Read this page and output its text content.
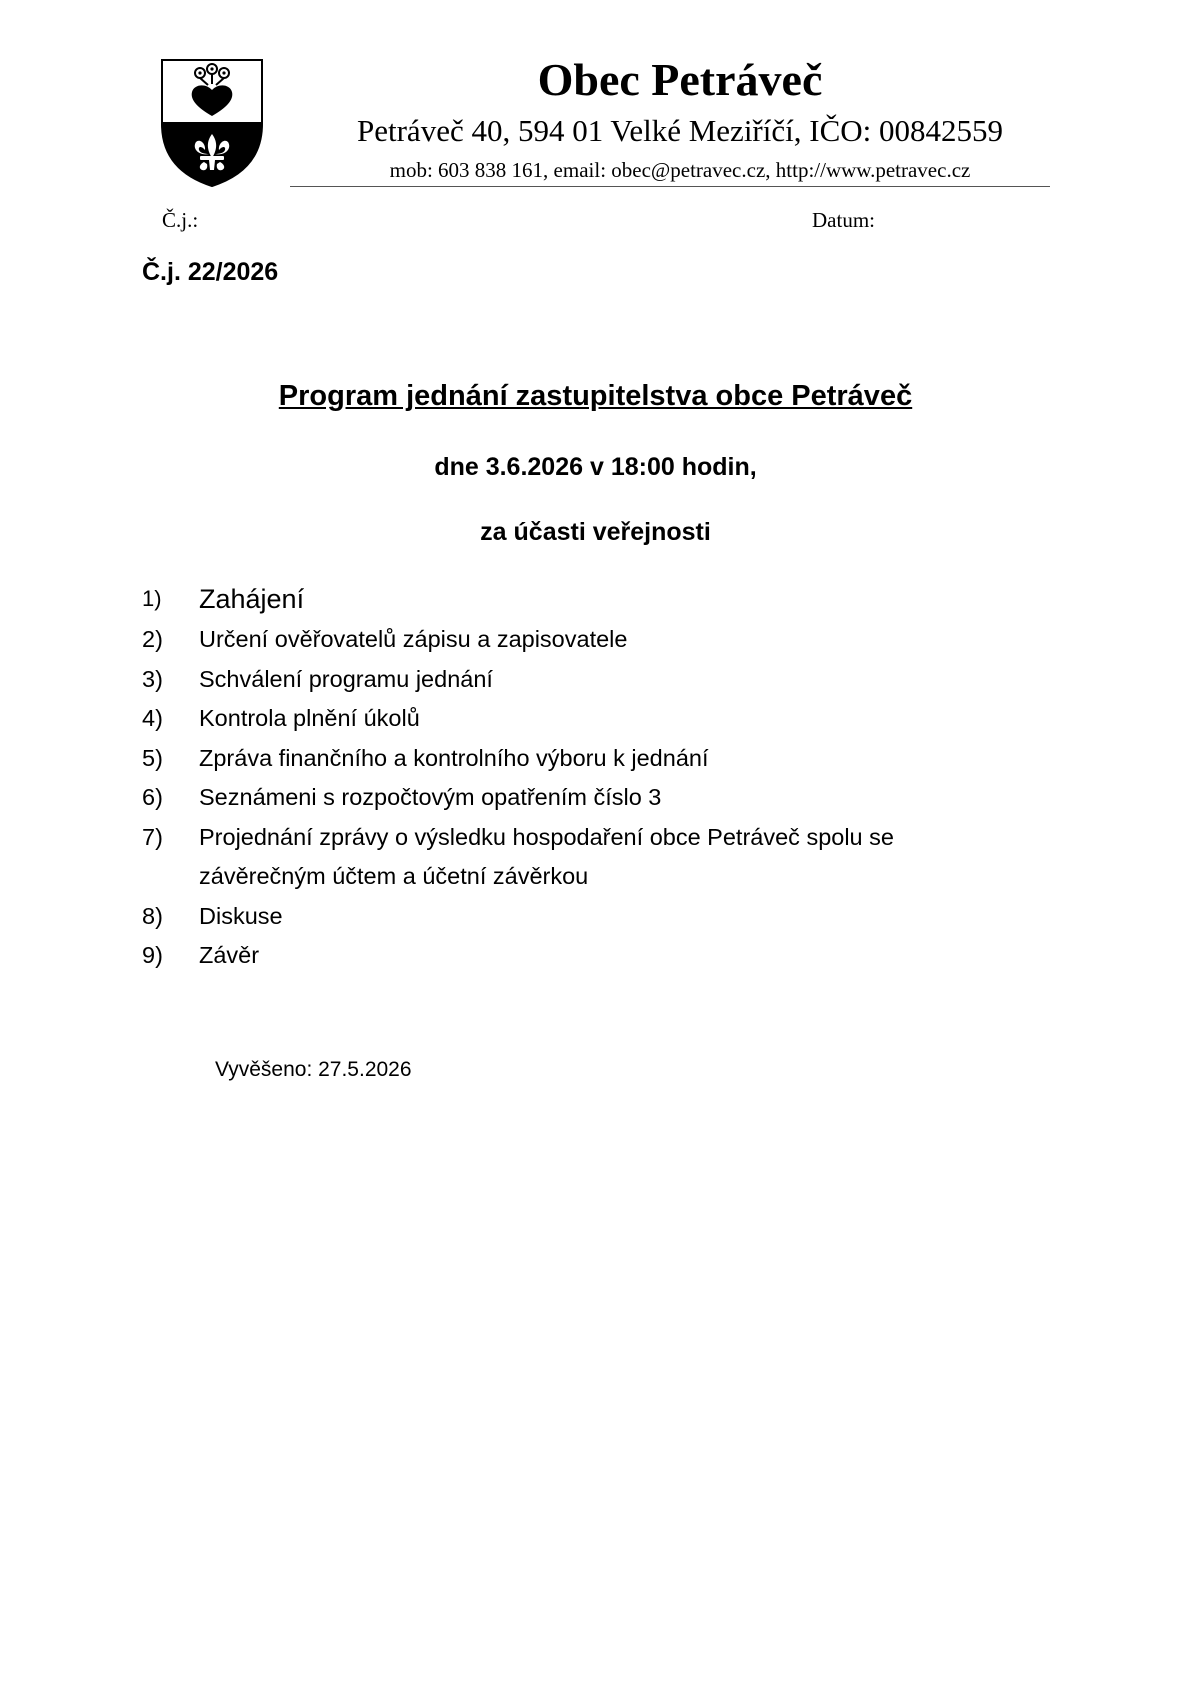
Obec Petráveč
Petráveč 40, 594 01 Velké Meziříčí, IČO: 00842559
mob: 603 838 161, email: obec@petravec.cz, http://www.petravec.cz
Č.j.:	Datum:
Č.j. 22/2026
Program jednání zastupitelstva obce Petráveč
dne 3.6.2026 v 18:00 hodin,
za účasti veřejnosti
1) Zahájení
2) Určení ověřovatelů zápisu a zapisovatele
3) Schválení programu jednání
4) Kontrola plnění úkolů
5) Zpráva finančního a kontrolního výboru k jednání
6) Seznámeni s rozpočtovým opatřením číslo 3
7) Projednání zprávy o výsledku hospodaření obce Petráveč spolu se závěrečným účtem a účetní závěrkou
8) Diskuse
9) Závěr
Vyvěšeno: 27.5.2026
